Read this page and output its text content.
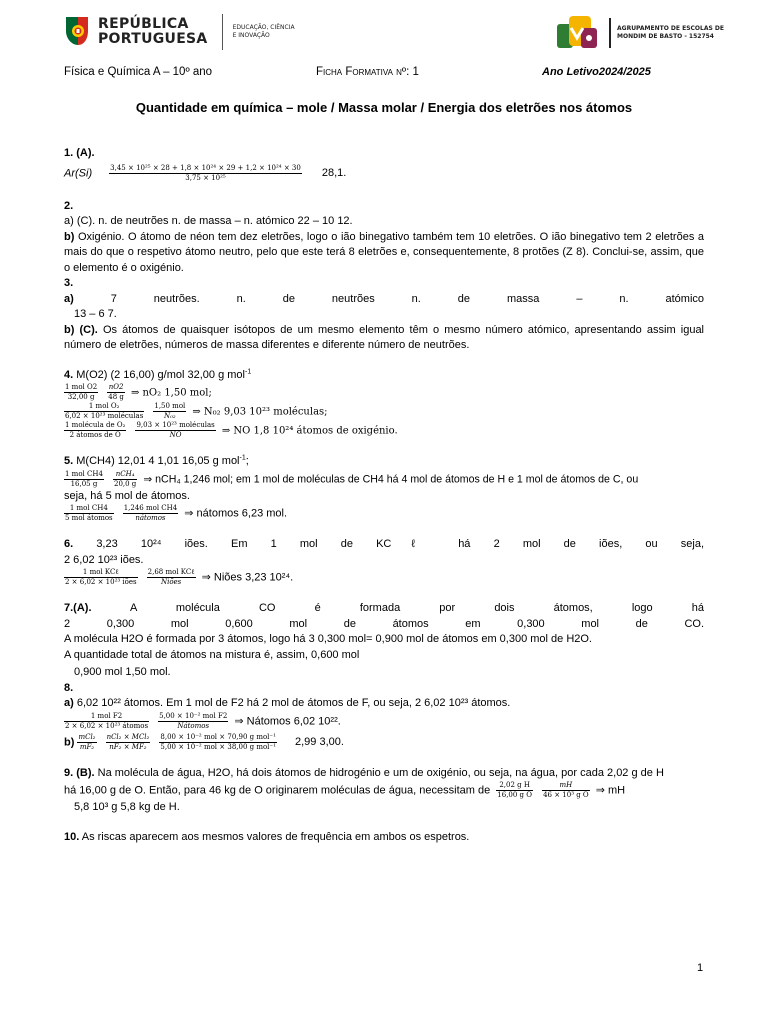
REPÚBLICA
PORTUGUESA
EDUCAÇÃO, CIÊNCIA
E INOVAÇÃO
AGRUPAMENTO DE ESCOLAS DE
MONDIM DE BASTO - 152754
Física e Química A – 10º ano	Ficha Formativa nº: 1	Ano Letivo2024/2025
Quantidade em química – mole / Massa molar / Energia dos eletrões nos átomos

1. (A).

$Ar(Si) \frac{\text{3,45 × 10²⁵ × 28 + 1,8 × 10²⁴ × 29 + 1,2 × 10²⁴ × 30}}{\text{3,75 × 10²⁵}} 28,1$.

2.

a) (C). n. de neutrões n. de massa – n. atómico 22 – 10 12.

b) Oxigénio. O átomo de néon tem dez eletrões, logo o ião binegativo também tem 10 eletrões. O ião binegativo tem 2 eletrões a mais do que o respetivo átomo neutro, pelo que este terá 8 eletrões e, consequentemente, 8 protões (Z 8). Conclui-se, assim, que o elemento é o oxigénio.

3.

a)	7	neutrões.	n.	de	neutrões	n.	de	massa	–	n.	atómico

13 – 6 7.

b) (C). Os átomos de quaisquer isótopos de um mesmo elemento têm o mesmo número atómico, apresentando assim igual número de eletrões, números de massa diferentes e diferente número de neutrões.

4. M(O2) (2 16,00) g/mol 32,00 g mol$^{-1}$

$\frac{\text{1 mol O2}}{32,00 g}$
$\frac{nO2}{48 g}$ ⇒ nO₂ 1,50 mol;

$\frac{\text{1 mol O₂}}{\text{6,02 × 10²³ moléculas}}$
$\frac{\text{1,50 mol}}{\text{N₀₂}}$ ⇒ N₀₂ 9,03 10²³ moléculas;

$\frac{\text{1 molécula de O₂}}{\text{2 átomos de O}}$
$\frac{\text{9,03 × 10²³ moléculas}}{NO}$ ⇒ NO 1,8 10²⁴ átomos de oxigénio.

5. M(CH4) 12,01 4 1,01 16,05 g mol$^{-1}$;

$\frac{\text{1 mol CH4}}{16,05 g}$
$\frac{\text{nCH₄}}{20,0 g}$ ⇒ nCH₄ 1,246 mol; em 1 mol de moléculas de CH4 há 4 mol de átomos de H e 1 mol de átomos de C, ou

seja, há 5 mol de átomos.

$\frac{\text{1 mol CH4}}{\text{5 mol átomos}}$
$\frac{\text{1,246 mol CH4}}{\text{nátomos}}$ ⇒ nátomos 6,23 mol.

6. 3,23 10²⁴ iões. Em 1 mol de KCℓ há 2 mol de iões, ou seja,

2 6,02 10²³ iões.

$\frac{\text{1 mol KCℓ}}{\text{2 × 6,02 × 10²³ iões}}$
$\frac{\text{2,68 mol KCℓ}}{\text{Niões}}$ ⇒ Niões 3,23 10²⁴.

7.(A).	A	molécula	CO	é	formada	por	dois	átomos,	logo	há

2	0,300	mol	0,600	mol	de	átomos	em	0,300	mol	de	CO.

A molécula H2O é formada por 3 átomos, logo há 3 0,300 mol= 0,900 mol de átomos em 0,300 mol de H2O.

A quantidade total de átomos na mistura é, assim, 0,600 mol

0,900 mol 1,50 mol.

8.

a) 6,02 10²² átomos. Em 1 mol de F2 há 2 mol de átomos de F, ou seja, 2 6,02 10²³ átomos.

$\frac{\text{1 mol F2}}{\text{2 × 6,02 × 10²³ átomos}}$
$\frac{\text{5,00 × 10⁻² mol F2}}{\text{Nátomos}}$ ⇒ Nátomos 6,02 10²².

$b) \frac{\text{mCl₂}}{\text{mF₂}}$
$\frac{\text{nCl₂ × MCl₂}}{\text{nF₂ × MF₂}}$
$\frac{\text{8,00 × 10⁻² mol × 70,90 g mol⁻¹}}{\text{5,00 × 10⁻² mol × 38,00 g mol⁻¹}} 2,99$ 3,00.

9. (B). Na molécula de água, H2O, há dois átomos de hidrogénio e um de oxigénio, ou seja, na água, por cada 2,02 g de H

há 16,00 g de O. Então, para 46 kg de O originarem moléculas de água, necessitam de $\frac{\text{2,02 g H}}{\text{16,00 g O}}$
$\frac{mH}{\text{46 × 10³ g O}}$ ⇒ mH

5,8 10³ g 5,8 kg de H.

10. As riscas aparecem aos mesmos valores de frequência em ambos os espetros.

1
